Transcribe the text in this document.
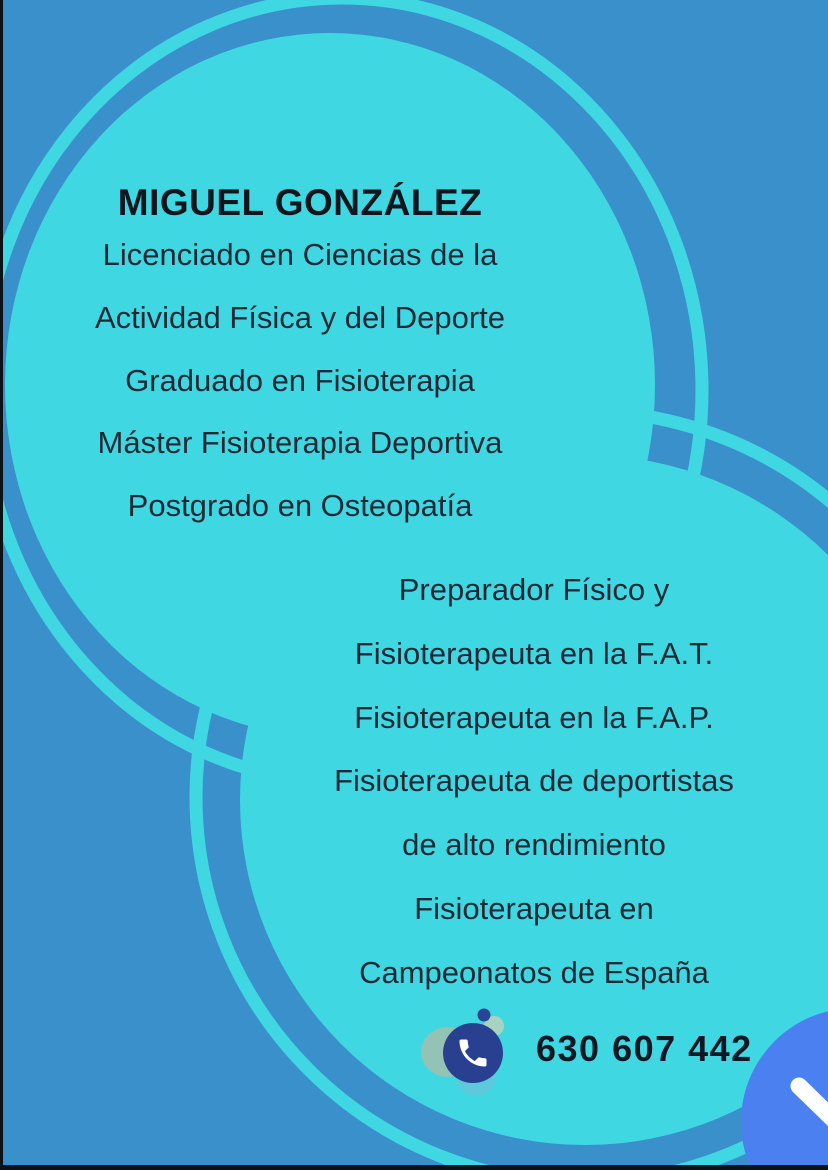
MIGUEL GONZÁLEZ

Licenciado en Ciencias de la

Actividad Física y del Deporte

Graduado en Fisioterapia

Máster Fisioterapia Deportiva

Postgrado en Osteopatía

Preparador Físico y

Fisioterapeuta en la F.A.T.

Fisioterapeuta en la F.A.P.

Fisioterapeuta de deportistas

de alto rendimiento

Fisioterapeuta en

Campeonatos de España

630 607 442
